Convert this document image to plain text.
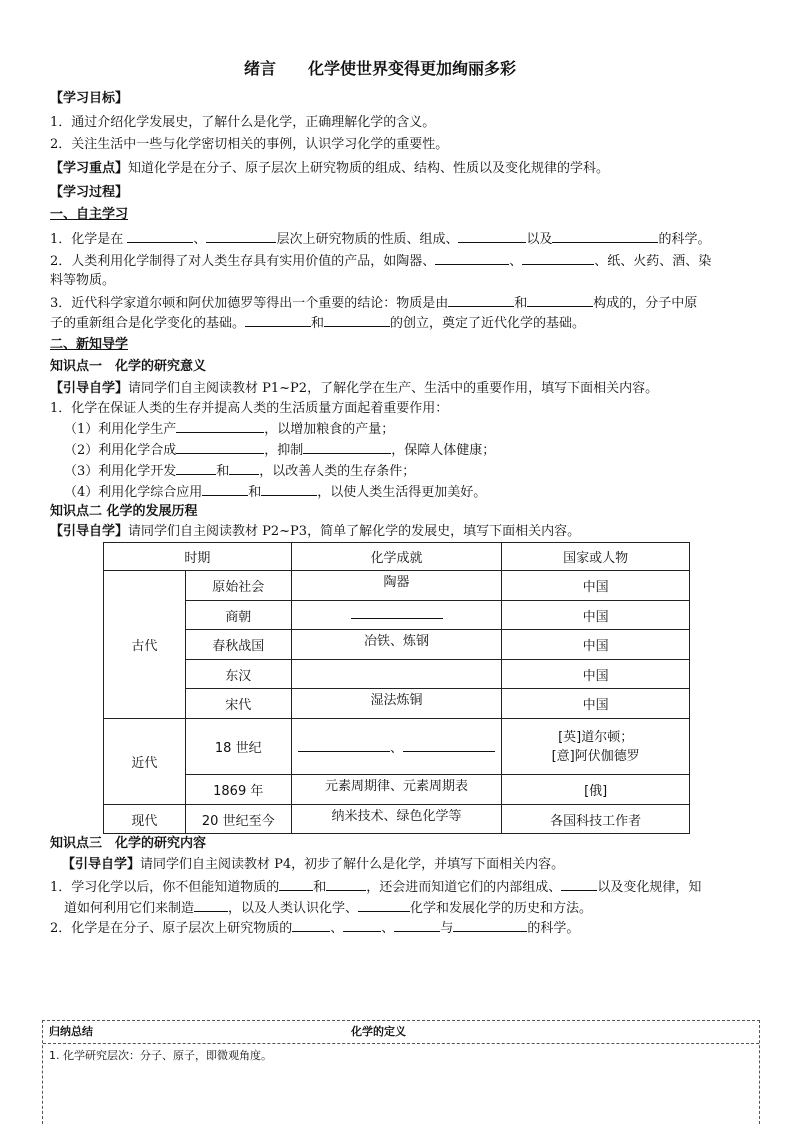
绪言　　化学使世界变得更加绚丽多彩
【学习目标】
1．通过介绍化学发展史，了解什么是化学，正确理解化学的含义。
2．关注生活中一些与化学密切相关的事例，认识学习化学的重要性。
【学习重点】知道化学是在分子、原子层次上研究物质的组成、结构、性质以及变化规律的学科。
【学习过程】
一、自主学习
1．化学是在	、	层次上研究物质的性质、组成、	以及	的科学。
2．人类利用化学制得了对人类生存具有实用价值的产品，如陶器、	、	、纸、火药、酒、染
料等物质。
3．近代科学家道尔顿和阿伏加德罗等得出一个重要的结论：物质是由	和	构成的，分子中原
子的重新组合是化学变化的基础。	和	的创立，奠定了近代化学的基础。
二、新知导学
知识点一　化学的研究意义
【引导自学】请同学们自主阅读教材 P1~P2，了解化学在生产、生活中的重要作用，填写下面相关内容。
1．化学在保证人类的生存并提高人类的生活质量方面起着重要作用：
（1）利用化学生产	，以增加粮食的产量；
（2）利用化学合成	，抑制	，保障人体健康；
（3）利用化学开发	和 ，以改善人类的生存条件；
（4）利用化学综合应用	和	，以使人类生活得更加美好。
知识点二 化学的发展历程
【引导自学】请同学们自主阅读教材 P2~P3，简单了解化学的发展史，填写下面相关内容。
时期		化学成就	国家或人物
古代	原始社会	陶器	中国
	商朝		中国
	春秋战国	冶铁、炼钢	中国
	东汉		中国
	宋代	湿法炼铜	中国
近代	18 世纪	、	[英]道尔顿；
[意]阿伏伽德罗

	1869 年	元素周期律、元素周期表	[俄]
现代	20 世纪至今	纳米技术、绿色化学等	各国科技工作者
知识点三　化学的研究内容
【引导自学】请同学们自主阅读教材 P4，初步了解什么是化学，并填写下面相关内容。
1．学习化学以后，你不但能知道物质的	和	，还会进而知道它们的内部组成、	以及变化规律，知
道如何利用它们来制造	，以及人类认识化学、	化学和发展化学的历史和方法。
2．化学是在分子、原子层次上研究物质的	、	、	与	的科学。
归纳总结	化学的定义
1. 化学研究层次：分子、原子，即微观角度。
